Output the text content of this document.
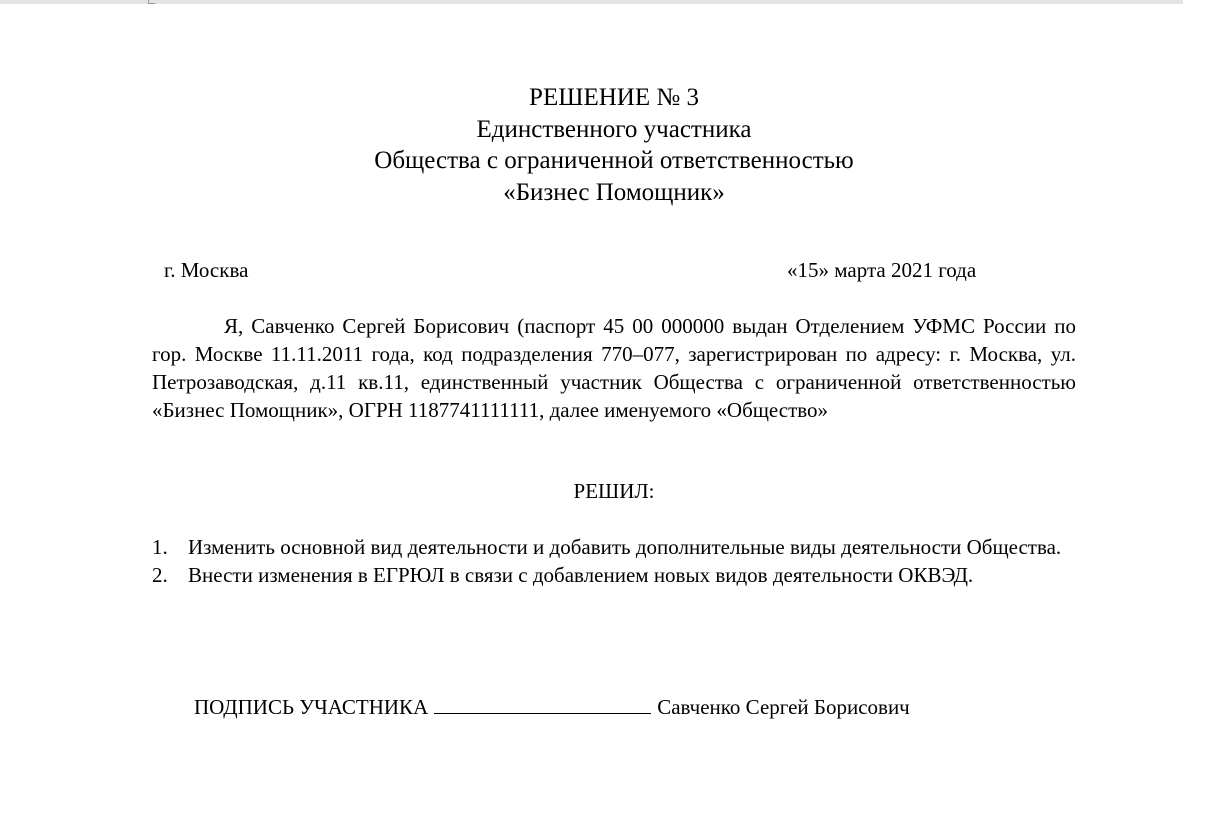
РЕШЕНИЕ № 3
Единственного участника
Общества с ограниченной ответственностью
«Бизнес Помощник»
г. Москва	«15» марта 2021 года

Я, Савченко Сергей Борисович (паспорт 45 00 000000 выдан Отделением УФМС России по гор. Москве 11.11.2011 года, код подразделения 770–077, зарегистрирован по адресу: г. Москва, ул. Петрозаводская, д.11 кв.11, единственный участник Общества с ограниченной ответственностью «Бизнес Помощник», ОГРН 1187741111111, далее именуемого «Общество»

РЕШИЛ:
1. Изменить основной вид деятельности и добавить дополнительные виды деятельности Общества.
2. Внести изменения в ЕГРЮЛ в связи с добавлением новых видов деятельности ОКВЭД.
ПОДПИСЬ УЧАСТНИКА	Савченко Сергей Борисович
